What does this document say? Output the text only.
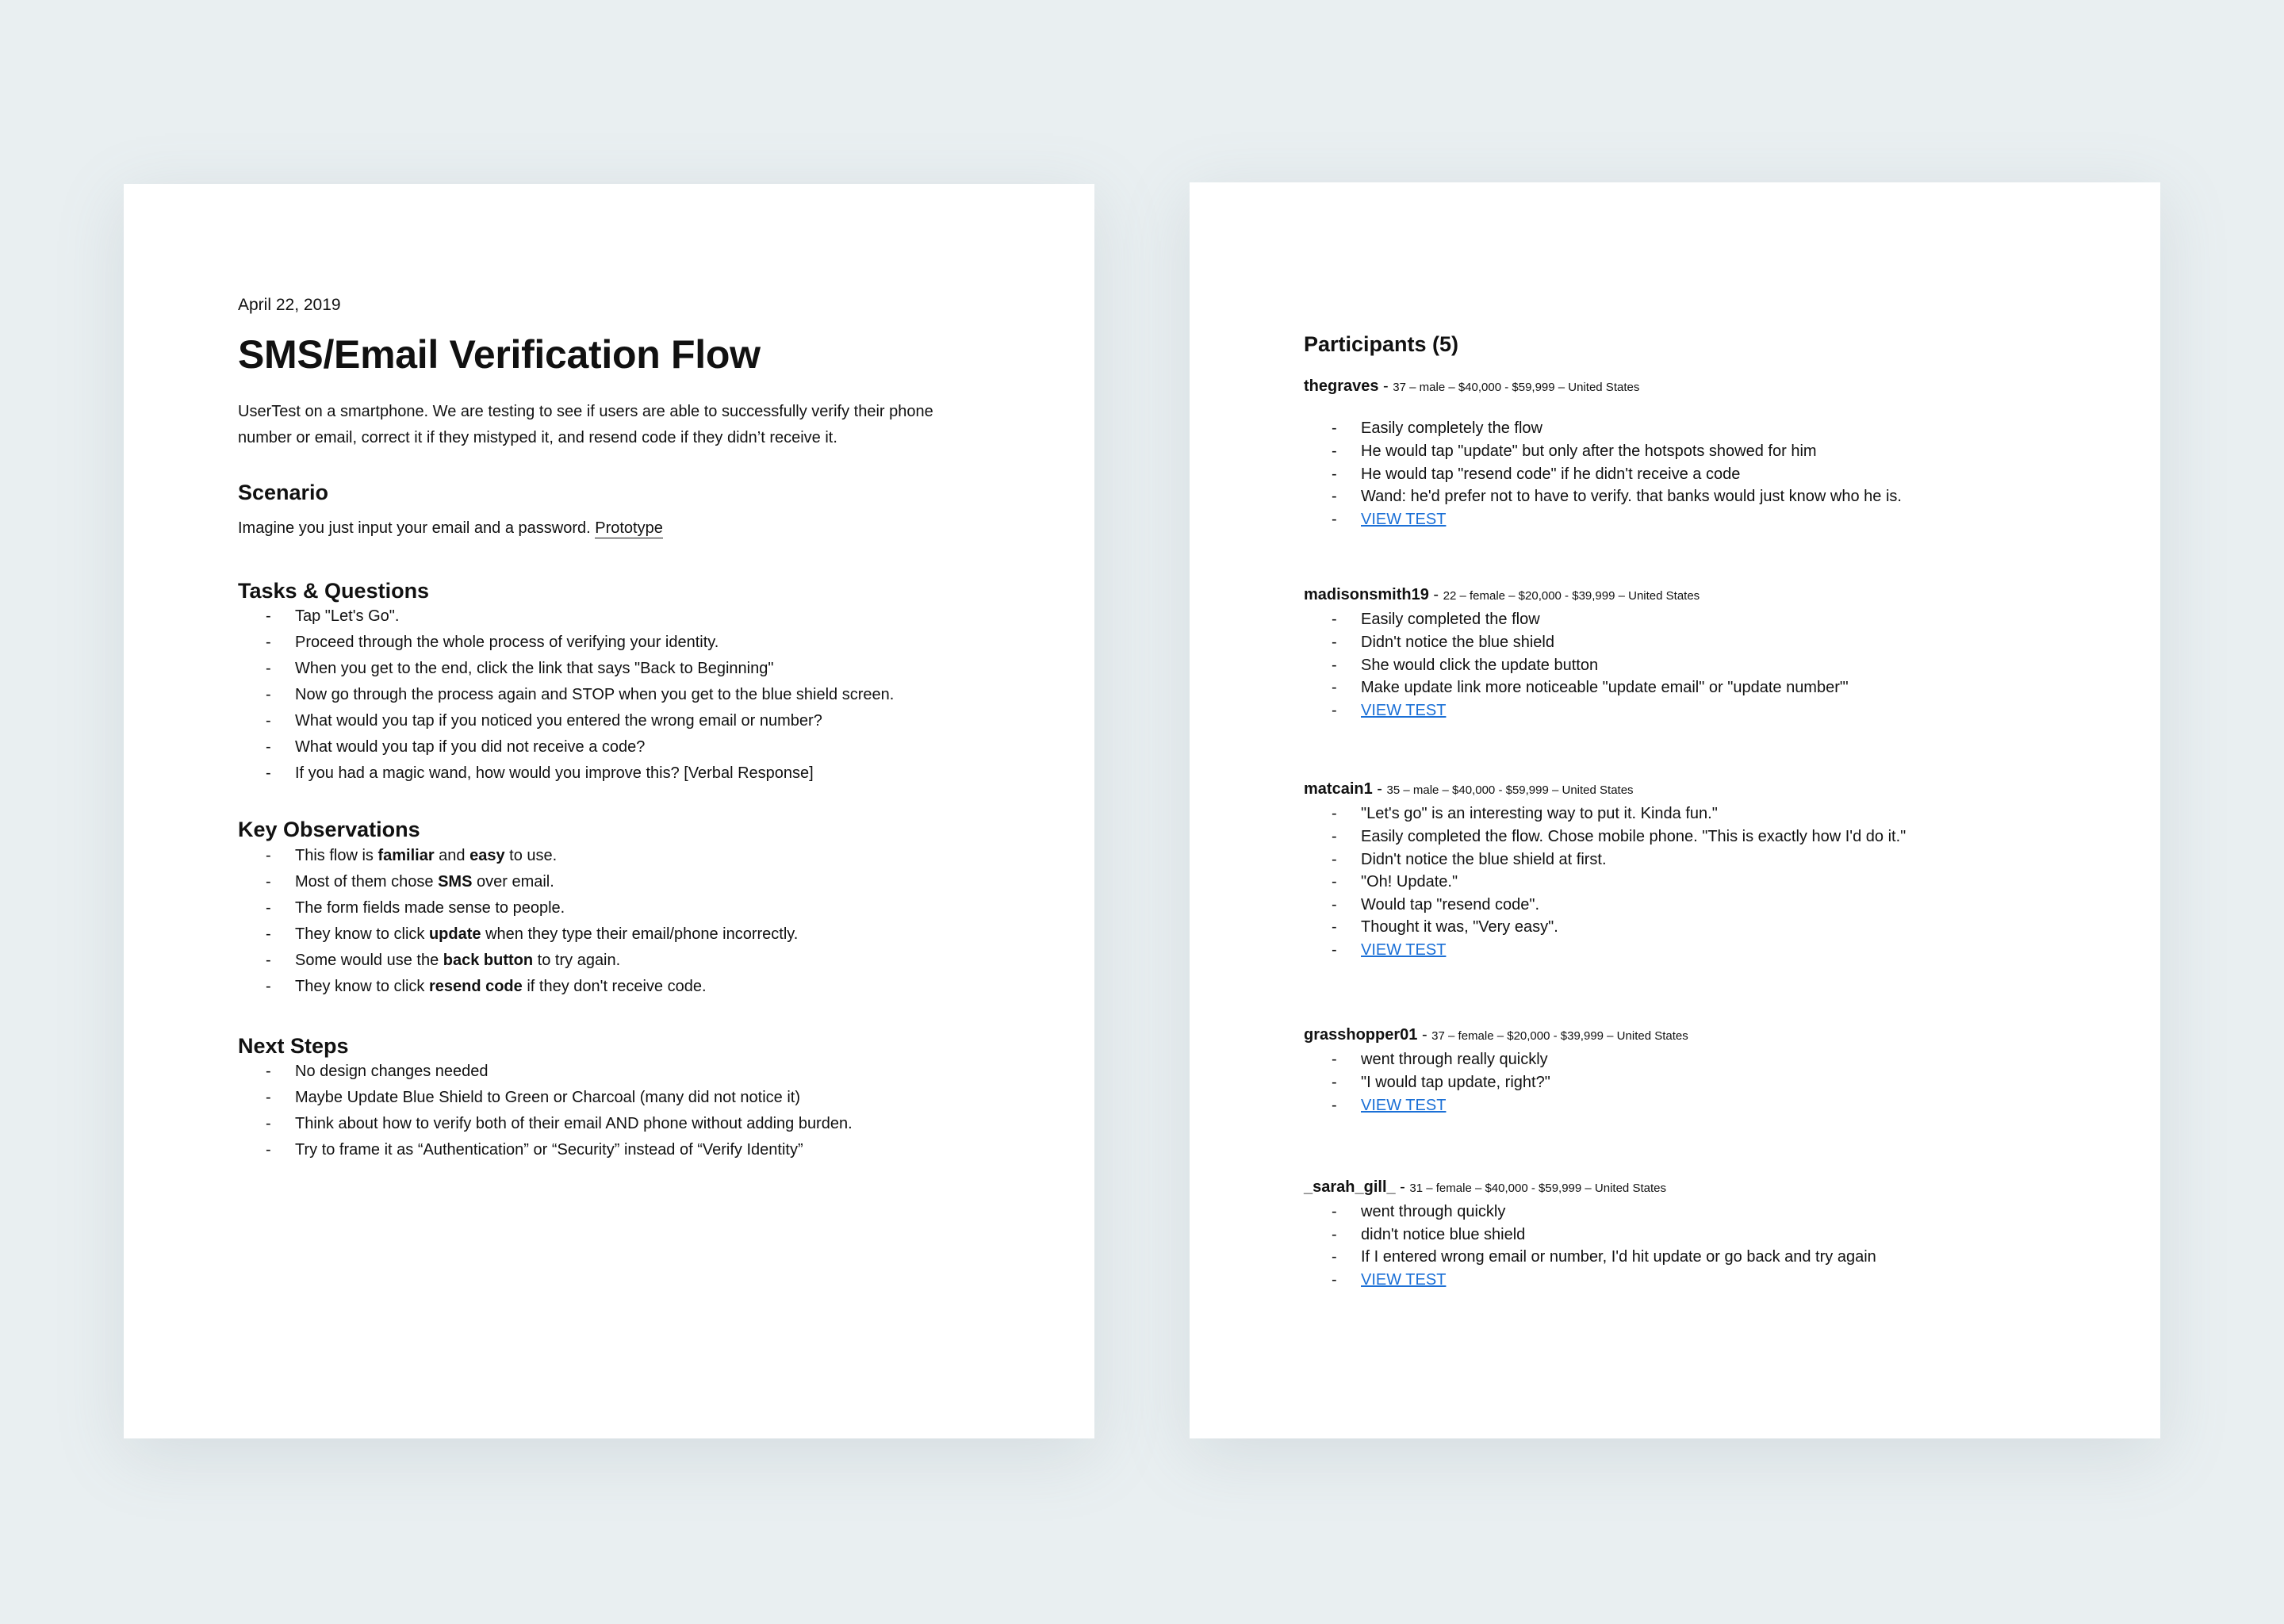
April 22, 2019

SMS/Email Verification Flow

UserTest on a smartphone. We are testing to see if users are able to successfully verify their phone number or email, correct it if they mistyped it, and resend code if they didn’t receive it.

Scenario

Imagine you just input your email and a password. Prototype

Tasks & Questions
- Tap "Let's Go".
- Proceed through the whole process of verifying your identity.
- When you get to the end, click the link that says "Back to Beginning"
- Now go through the process again and STOP when you get to the blue shield screen.
- What would you tap if you noticed you entered the wrong email or number?
- What would you tap if you did not receive a code?
- If you had a magic wand, how would you improve this? [Verbal Response]
Key Observations
- This flow is familiar and easy to use.
- Most of them chose SMS over email.
- The form fields made sense to people.
- They know to click update when they type their email/phone incorrectly.
- Some would use the back button to try again.
- They know to click resend code if they don't receive code.
Next Steps
- No design changes needed
- Maybe Update Blue Shield to Green or Charcoal (many did not notice it)
- Think about how to verify both of their email AND phone without adding burden.
- Try to frame it as “Authentication” or “Security” instead of “Verify Identity”
Participants (5)
thegraves - 37 – male – $40,000 - $59,999 – United States
- Easily completely the flow
- He would tap "update" but only after the hotspots showed for him
- He would tap "resend code" if he didn't receive a code
- Wand: he'd prefer not to have to verify. that banks would just know who he is.
- VIEW TEST
madisonsmith19 - 22 – female – $20,000 - $39,999 – United States
- Easily completed the flow
- Didn't notice the blue shield
- She would click the update button
- Make update link more noticeable "update email" or "update number"'
- VIEW TEST
matcain1 - 35 – male – $40,000 - $59,999 – United States
- "Let's go" is an interesting way to put it. Kinda fun."
- Easily completed the flow. Chose mobile phone. "This is exactly how I'd do it."
- Didn't notice the blue shield at first.
- "Oh! Update."
- Would tap "resend code".
- Thought it was, "Very easy".
- VIEW TEST
grasshopper01 - 37 – female – $20,000 - $39,999 – United States
- went through really quickly
- "I would tap update, right?"
- VIEW TEST
_sarah_gill_ - 31 – female – $40,000 - $59,999 – United States
- went through quickly
- didn't notice blue shield
- If I entered wrong email or number, I'd hit update or go back and try again
- VIEW TEST
